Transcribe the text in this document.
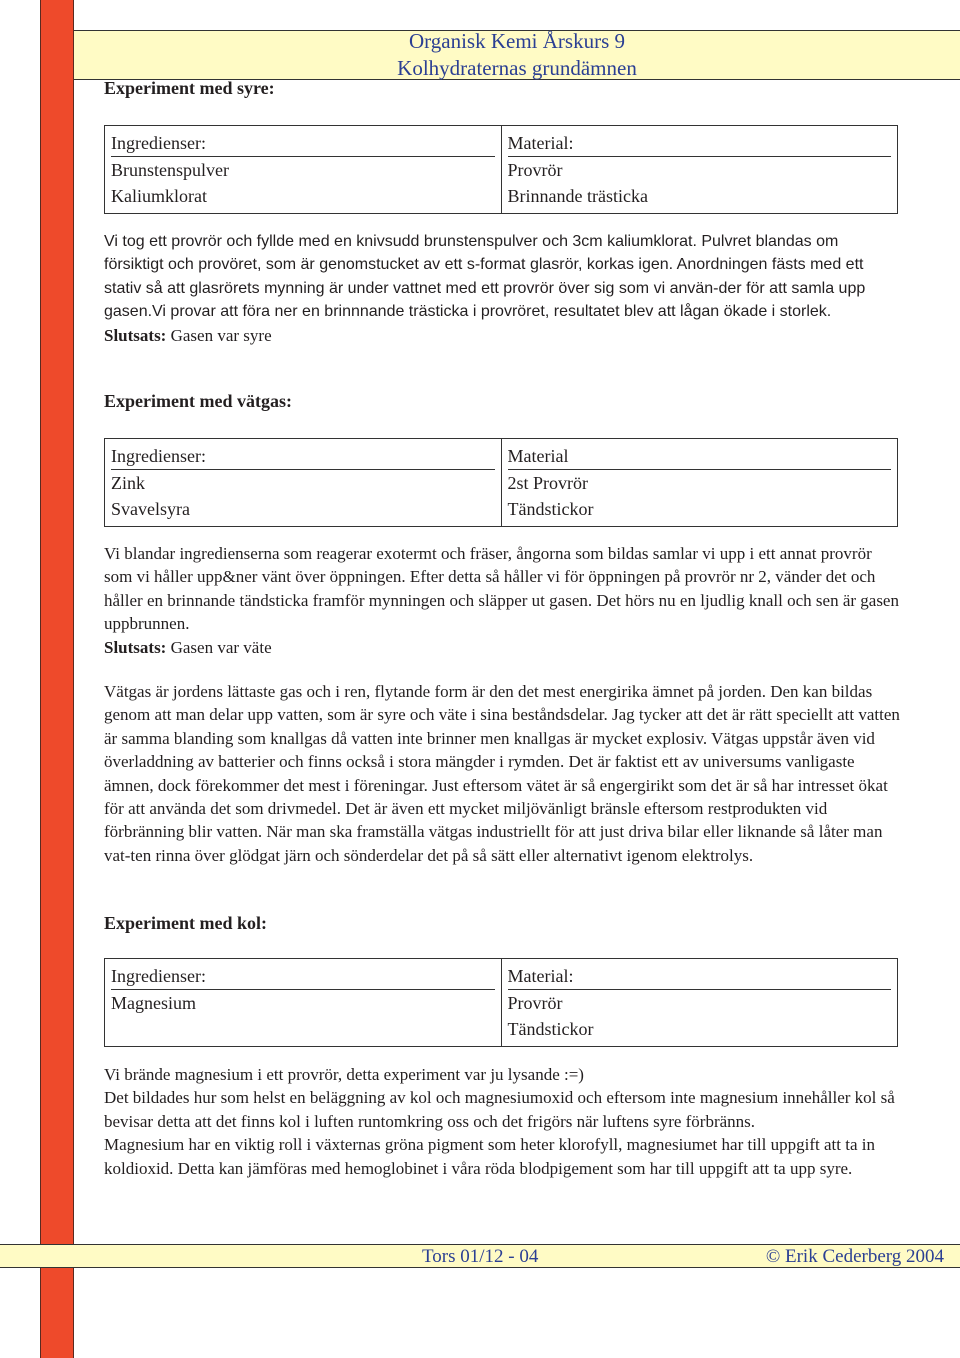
Organisk Kemi Årskurs 9
Kolhydraternas grundämnen
Experiment med syre:
Ingredienser:
Brunstenspulver
Kaliumklorat
Material:
Provrör
Brinnande trästicka

Vi tog ett provrör och fyllde med en knivsudd brunstenspulver och 3cm kaliumklorat. Pulvret blandas om försiktigt och provöret, som är genomstucket av ett s-format glasrör, korkas igen. Anordningen fästs med ett stativ så att glasrörets mynning är under vattnet med ett provrör över sig som vi använ-der för att samla upp gasen.Vi provar att föra ner en brinnnande trästicka i provröret, resultatet blev att lågan ökade i storlek.

Slutsats: Gasen var syre

Experiment med vätgas:
Ingredienser:
Zink
Svavelsyra
Material
2st Provrör
Tändstickor

Vi blandar ingredienserna som reagerar exotermt och fräser, ångorna som bildas samlar vi upp i ett annat provrör som vi håller upp&ner vänt över öppningen. Efter detta så håller vi för öppningen på provrör nr 2, vänder det och håller en brinnande tändsticka framför mynningen och släpper ut gasen. Det hörs nu en ljudlig knall och sen är gasen uppbrunnen.

Slutsats: Gasen var väte

Vätgas är jordens lättaste gas och i ren, flytande form är den det mest energirika ämnet på jorden. Den kan bildas genom att man delar upp vatten, som är syre och väte i sina beståndsdelar. Jag tycker att det är rätt speciellt att vatten är samma blanding som knallgas då vatten inte brinner men knallgas är mycket explosiv. Vätgas uppstår även vid överladdning av batterier och finns också i stora mängder i rymden. Det är faktist ett av universums vanligaste ämnen, dock förekommer det mest i föreningar. Just eftersom vätet är så engergirikt som det är så har intresset ökat för att använda det som drivmedel. Det är även ett mycket miljövänligt bränsle eftersom restprodukten vid förbränning blir vatten. När man ska framställa vätgas industriellt för att just driva bilar eller liknande så låter man vat-ten rinna över glödgat järn och sönderdelar det på så sätt eller alternativt igenom elektrolys.

Experiment med kol:
Ingredienser:
Magnesium
Material:
Provrör
Tändstickor

Vi brände magnesium i ett provrör, detta experiment var ju lysande :=)

Det bildades hur som helst en beläggning av kol och magnesiumoxid och eftersom inte magnesium innehåller kol så bevisar detta att det finns kol i luften runtomkring oss och det frigörs när luftens syre förbränns.

Magnesium har en viktig roll i växternas gröna pigment som heter klorofyll, magnesiumet har till uppgift att ta in koldioxid. Detta kan jämföras med hemoglobinet i våra röda blodpigement som har till uppgift att ta upp syre.

Tors 01/12 - 04	© Erik Cederberg 2004
